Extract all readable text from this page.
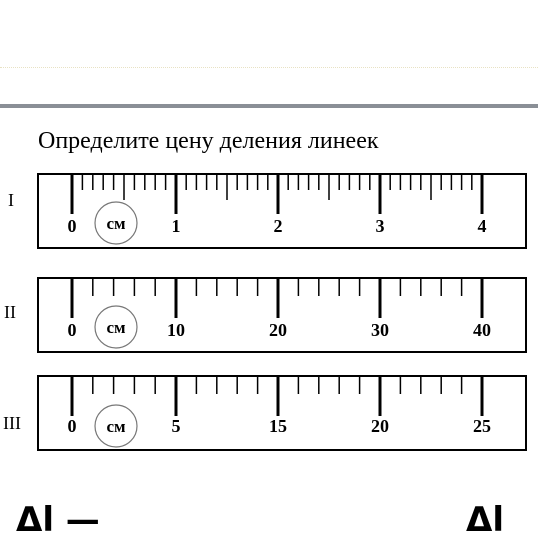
Определите цену деления линеек
I
II
III
0	1	2	3	4
см
0	10	20	30	40
см
0	5	15	20	25
см
Δl —	Δl
